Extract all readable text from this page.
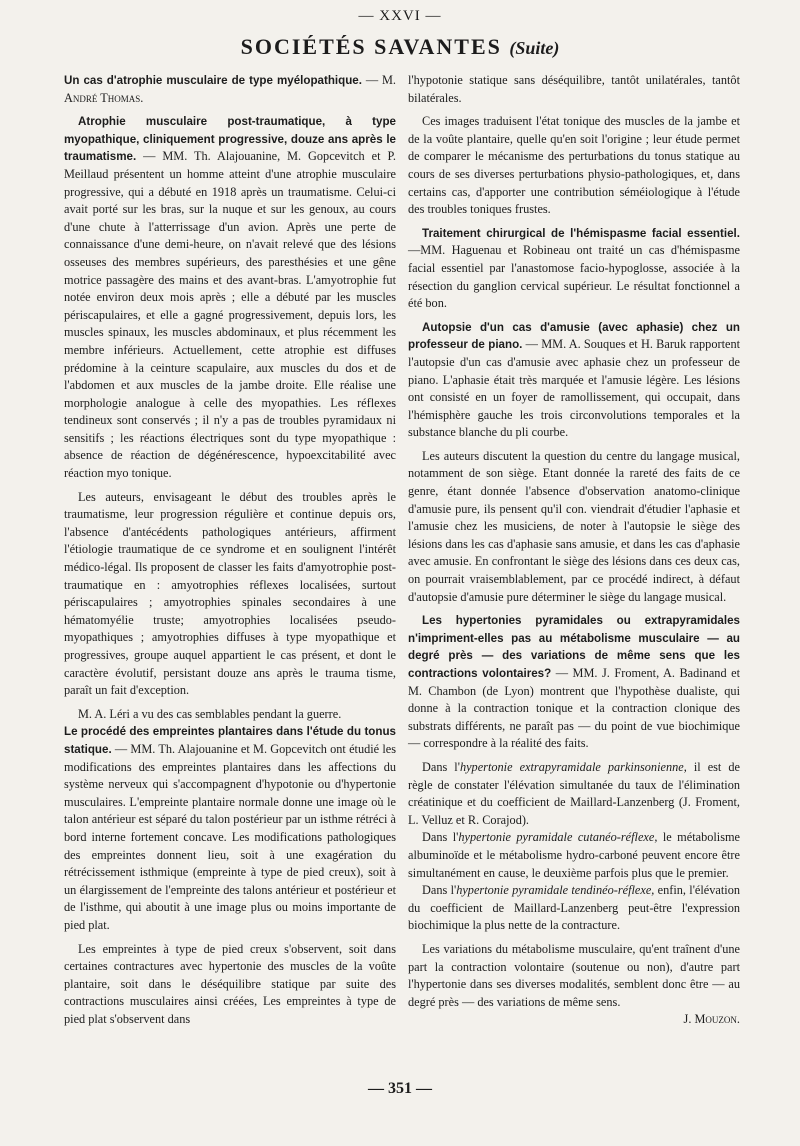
— XXVI —
SOCIÉTÉS SAVANTES (Suite)

Un cas d'atrophie musculaire de type myélopathique. — M. André Thomas.

Atrophie musculaire post-traumatique, à type myopathique, cliniquement progressive, douze ans après le traumatisme. — MM. Th. Alajouanine, M. Gopcevitch et P. Meillaud présentent un homme atteint d'une atrophie musculaire progressive, qui a débuté en 1918 après un traumatisme. Celui-ci avait porté sur les bras, sur la nuque et sur les genoux, au cours d'une chute à l'atterrissage d'un avion. Après une perte de connaissance d'une demi-heure, on n'avait relevé que des lésions osseuses des membres supérieurs, des paresthésies et une gêne motrice passagère des mains et des avant-bras. L'amyotrophie fut notée environ deux mois après ; elle a débuté par les muscles périscapulaires, et elle a gagné progressivement, depuis lors, les muscles spinaux, les muscles abdominaux, et plus récemment les membre inférieurs. Actuellement, cette atrophie est diffuses prédomine à la ceinture scapulaire, aux muscles du dos et de l'abdomen et aux muscles de la jambe droite. Elle réalise une morphologie analogue à celle des myopathies. Les réflexes tendineux sont conservés ; il n'y a pas de troubles pyramidaux ni sensitifs ; les réactions électriques sont du type myopathique : absence de réaction de dégénérescence, hypoexcitabilité avec réaction myo tonique.

Les auteurs, envisageant le début des troubles après le traumatisme, leur progression régulière et continue depuis ors, l'absence d'antécédents pathologiques antérieurs, affirment l'étiologie traumatique de ce syndrome et en soulignent l'intérêt médico-légal. Ils proposent de classer les faits d'amyotrophie post-traumatique en : amyotrophies réflexes localisées, surtout périscapulaires ; amyotrophies spinales secondaires à une hématomyélie truste; amyotrophies localisées pseudo-myopathiques ; amyotrophies diffuses à type myopathique et progressives, groupe auquel appartient le cas présent, et dont le caractère évolutif, persistant douze ans après le trauma tisme, paraît un fait d'exception.

M. A. Léri a vu des cas semblables pendant la guerre.

Le procédé des empreintes plantaires dans l'étude du tonus statique. — MM. Th. Alajouanine et M. Gopcevitch ont étudié les modifications des empreintes plantaires dans les affections du système nerveux qui s'accompagnent d'hypotonie ou d'hypertonie musculaires. L'empreinte plantaire normale donne une image où le talon antérieur est séparé du talon postérieur par un isthme rétréci à bord interne fortement concave. Les modifications pathologiques des empreintes donnent lieu, soit à une exagération du rétrécissement isthmique (empreinte à type de pied creux), soit à un élargissement de l'empreinte des talons antérieur et postérieur et de l'isthme, qui aboutit à une image plus ou moins importante de pied plat.

Les empreintes à type de pied creux s'observent, soit dans certaines contractures avec hypertonie des muscles de la voûte plantaire, soit dans le déséquilibre statique par suite des contractions musculaires ainsi créées, Les empreintes à type de pied plat s'observent dans

l'hypotonie statique sans déséquilibre, tantôt unilatérales, tantôt bilatérales.

Ces images traduisent l'état tonique des muscles de la jambe et de la voûte plantaire, quelle qu'en soit l'origine ; leur étude permet de comparer le mécanisme des perturbations du tonus statique au cours de ses diverses perturbations physio-pathologiques, et, dans certains cas, d'apporter une contribution séméiologique à l'étude des troubles toniques frustes.

Traitement chirurgical de l'hémispasme facial essentiel. —MM. Haguenau et Robineau ont traité un cas d'hémispasme facial essentiel par l'anastomose facio-hypoglosse, associée à la résection du ganglion cervical supérieur. Le résultat fonctionnel a été bon.

Autopsie d'un cas d'amusie (avec aphasie) chez un professeur de piano. — MM. A. Souques et H. Baruk rapportent l'autopsie d'un cas d'amusie avec aphasie chez un professeur de piano. L'aphasie était très marquée et l'amusie légère. Les lésions ont consisté en un foyer de ramollissement, qui occupait, dans l'hémisphère gauche les trois circonvolutions temporales et la substance blanche du pli courbe.

Les auteurs discutent la question du centre du langage musical, notamment de son siège. Etant donnée la rareté des faits de ce genre, étant donnée l'absence d'observation anatomo-clinique d'amusie pure, ils pensent qu'il con. viendrait d'étudier l'aphasie et l'amusie chez les musiciens, de noter à l'autopsie le siège des lésions dans les cas d'aphasie sans amusie, et dans les cas d'aphasie avec amusie. En confrontant le siège des lésions dans ces deux cas, on pourrait vraisemblablement, par ce procédé indirect, à défaut d'autopsie d'amusie pure déterminer le siège du langage musical.

Les hypertonies pyramidales ou extrapyramidales n'impriment-elles pas au métabolisme musculaire — au degré près — des variations de même sens que les contractions volontaires? — MM. J. Froment, A. Badinand et M. Chambon (de Lyon) montrent que l'hypothèse dualiste, qui donne à la contraction tonique et la contraction clonique des substrats différents, ne paraît pas — du point de vue biochimique — correspondre à la réalité des faits.

Dans l'hypertonie extrapyramidale parkinsonienne, il est de règle de constater l'élévation simultanée du taux de l'élimination créatinique et du coefficient de Maillard-Lanzenberg (J. Froment, L. Velluz et R. Corajod).

Dans l'hypertonie pyramidale cutanéo-réflexe, le métabolisme albuminoïde et le métabolisme hydro-carboné peuvent encore être simultanément en cause, le deuxième parfois plus que le premier.

Dans l'hypertonie pyramidale tendinéo-réflexe, enfin, l'élévation du coefficient de Maillard-Lanzenberg peut-être l'expression biochimique la plus nette de la contracture.

Les variations du métabolisme musculaire, qu'ent traînent d'une part la contraction volontaire (soutenue ou non), d'autre part l'hypertonie dans ses diverses modalités, semblent donc être — au degré près — des variations de même sens.

J. Mouzon.
— 351 —
